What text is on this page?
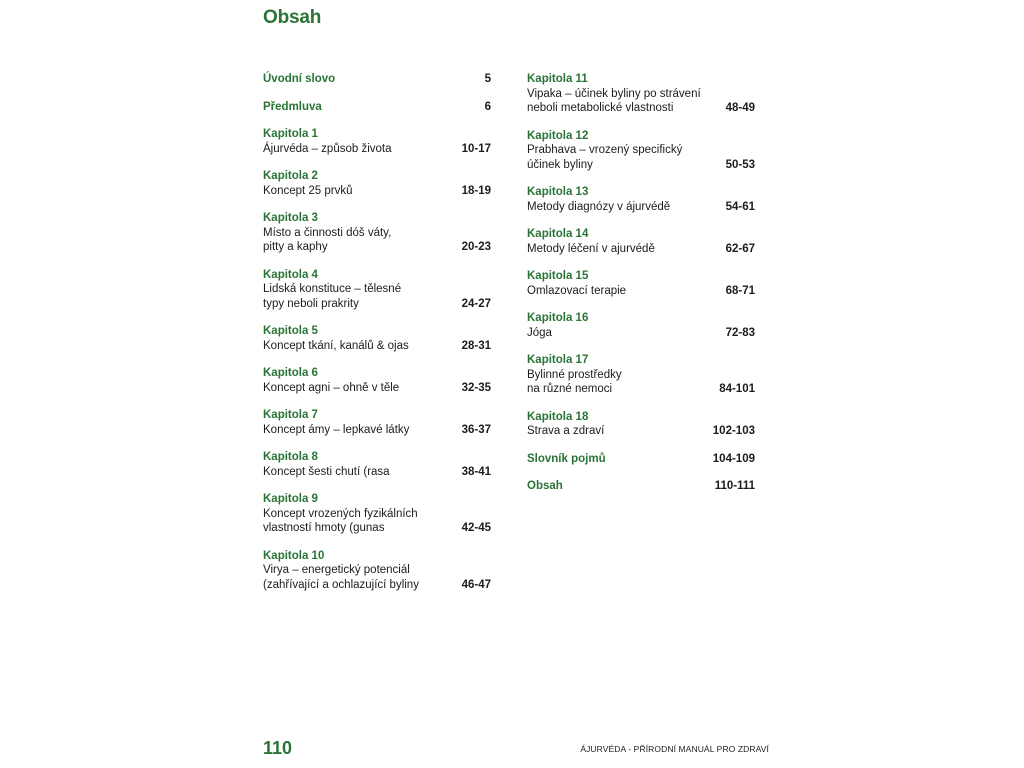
Obsah
Úvodní slovo	5
Předmluva	6
Kapitola 1
Ájurvéda – způsob života	10-17
Kapitola 2
Koncept 25 prvků	18-19
Kapitola 3
Místo a činnosti dóš váty,
pitty a kaphy	20-23
Kapitola 4
Lidská konstituce – tělesné
typy neboli prakrity	24-27
Kapitola 5
Koncept tkání, kanálů & ojas	28-31
Kapitola 6
Koncept agni – ohně v těle	32-35
Kapitola 7
Koncept ámy – lepkavé látky	36-37
Kapitola 8
Koncept šesti chutí (rasa	38-41
Kapitola 9
Koncept vrozených fyzikálních
vlastností hmoty (gunas	42-45
Kapitola 10
Virya – energetický potenciál
(zahřívající a ochlazující byliny	46-47
Kapitola 11
Vipaka – účinek byliny po strávení
neboli metabolické vlastnosti	48-49
Kapitola 12
Prabhava – vrozený specifický
účinek byliny	50-53
Kapitola 13
Metody diagnózy v ájurvédě	54-61
Kapitola 14
Metody léčení v ajurvédě	62-67
Kapitola 15
Omlazovací terapie	68-71
Kapitola 16
Jóga	72-83
Kapitola 17
Bylinné prostředky
na různé nemoci	84-101
Kapitola 18
Strava a zdraví	102-103
Slovník pojmů	104-109
Obsah	110-111
110	ÁJURVÉDA - PŘÍRODNÍ MANUÁL PRO ZDRAVÍ
